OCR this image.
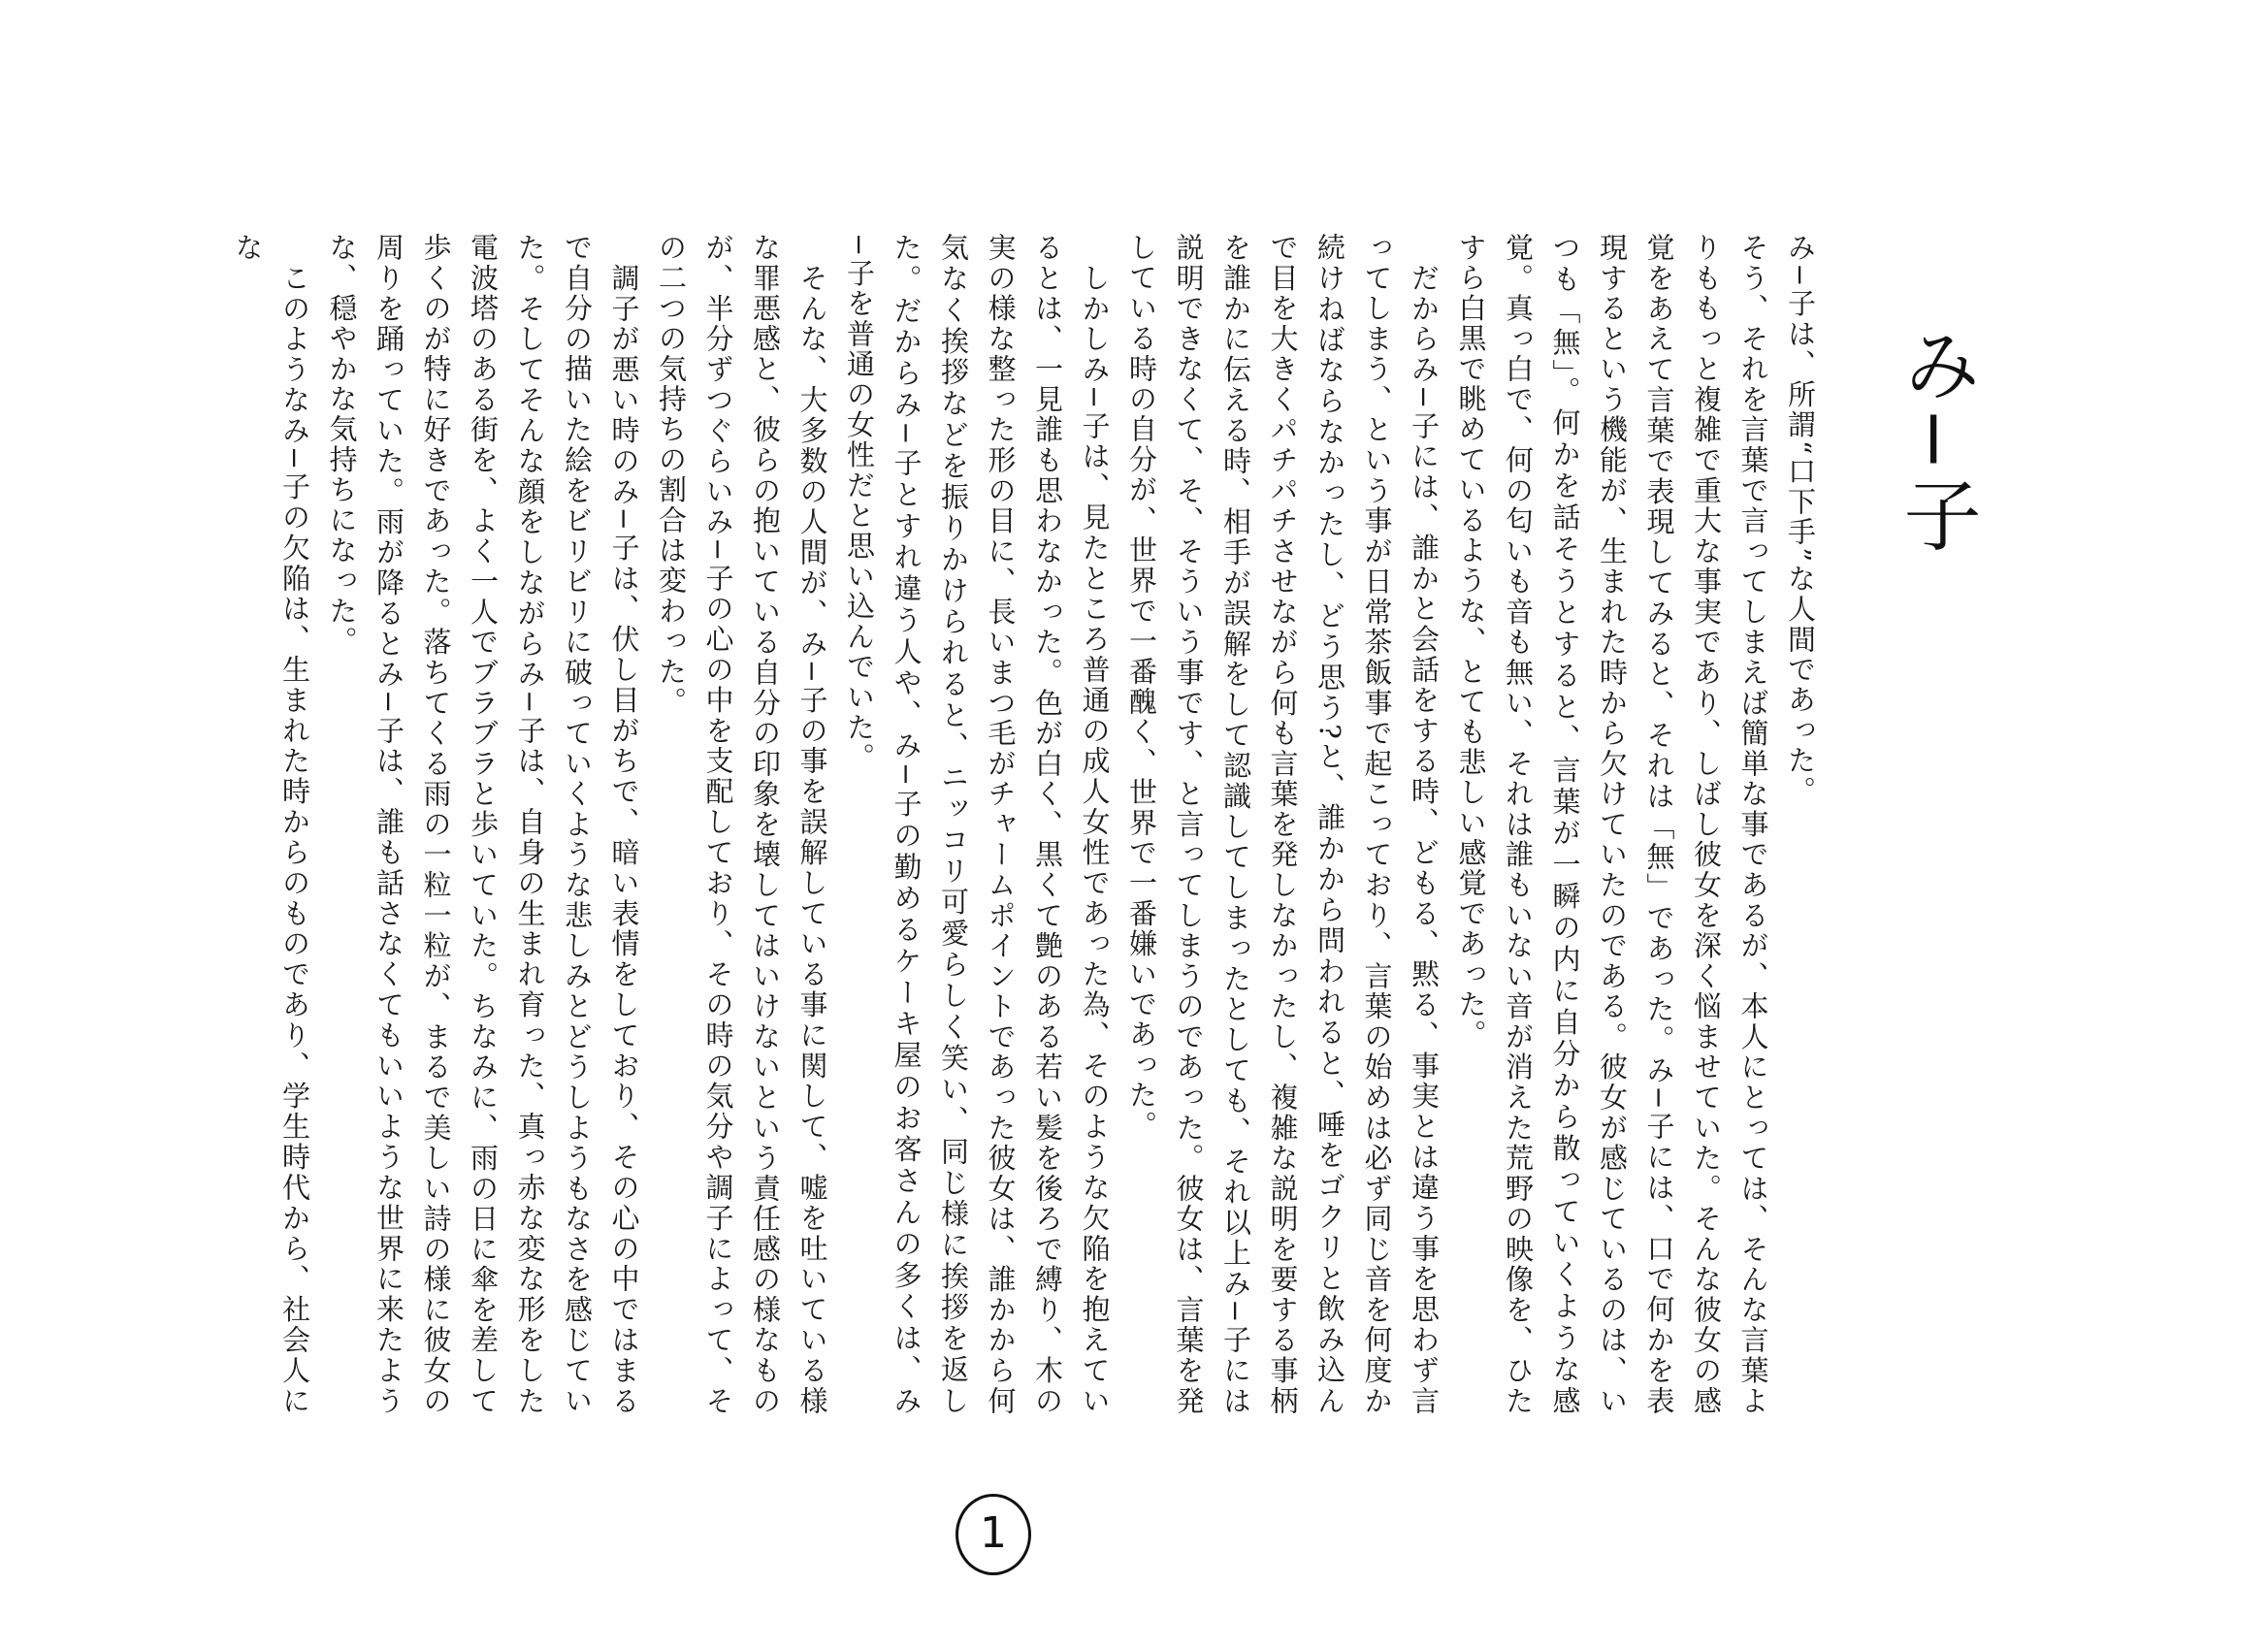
み−子

み−子は、所謂“口下手”な人間であった。

そう、それを言葉で言ってしまえば簡単な事であるが、本人にとっては、そんな言葉よりももっと複雑で重大な事実であり、しばし彼女を深く悩ませていた。そんな彼女の感覚をあえて言葉で表現してみると、それは「無」であった。み−子には、口で何かを表現するという機能が、生まれた時から欠けていたのである。彼女が感じているのは、いつも「無」。何かを話そうとすると、言葉が一瞬の内に自分から散っていくような感覚。真っ白で、何の匂いも音も無い、それは誰もいない音が消えた荒野の映像を、ひたすら白黒で眺めているような、とても悲しい感覚であった。

　だからみ−子には、誰かと会話をする時、どもる、黙る、事実とは違う事を思わず言ってしまう、という事が日常茶飯事で起こっており、言葉の始めは必ず同じ音を何度か続けねばならなかったし、どう思う?と、誰かから問われると、唾をゴクリと飲み込んで目を大きくパチパチさせながら何も言葉を発しなかったし、複雑な説明を要する事柄を誰かに伝える時、相手が誤解をして認識してしまったとしても、それ以上み−子には説明できなくて、そ、そういう事です、と言ってしまうのであった。彼女は、言葉を発している時の自分が、世界で一番醜く、世界で一番嫌いであった。

　しかしみ−子は、見たところ普通の成人女性であった為、そのような欠陥を抱えているとは、一見誰も思わなかった。色が白く、黒くて艶のある若い髪を後ろで縛り、木の実の様な整った形の目に、長いまつ毛がチャームポイントであった彼女は、誰かから何気なく挨拶などを振りかけられると、ニッコリ可愛らしく笑い、同じ様に挨拶を返した。だからみ−子とすれ違う人や、み−子の勤めるケーキ屋のお客さんの多くは、み−子を普通の女性だと思い込んでいた。

　そんな、大多数の人間が、み−子の事を誤解している事に関して、嘘を吐いている様な罪悪感と、彼らの抱いている自分の印象を壊してはいけないという責任感の様なものが、半分ずつぐらいみ−子の心の中を支配しており、その時の気分や調子によって、その二つの気持ちの割合は変わった。

　調子が悪い時のみ−子は、伏し目がちで、暗い表情をしており、その心の中ではまるで自分の描いた絵をビリビリに破っていくような悲しみとどうしようもなさを感じていた。そしてそんな顔をしながらみ−子は、自身の生まれ育った、真っ赤な変な形をした電波塔のある街を、よく一人でブラブラと歩いていた。ちなみに、雨の日に傘を差して歩くのが特に好きであった。落ちてくる雨の一粒一粒が、まるで美しい詩の様に彼女の周りを踊っていた。雨が降るとみ−子は、誰も話さなくてもいいような世界に来たような、穏やかな気持ちになった。

　このようなみ−子の欠陥は、生まれた時からのものであり、学生時代から、社会人にな

1
